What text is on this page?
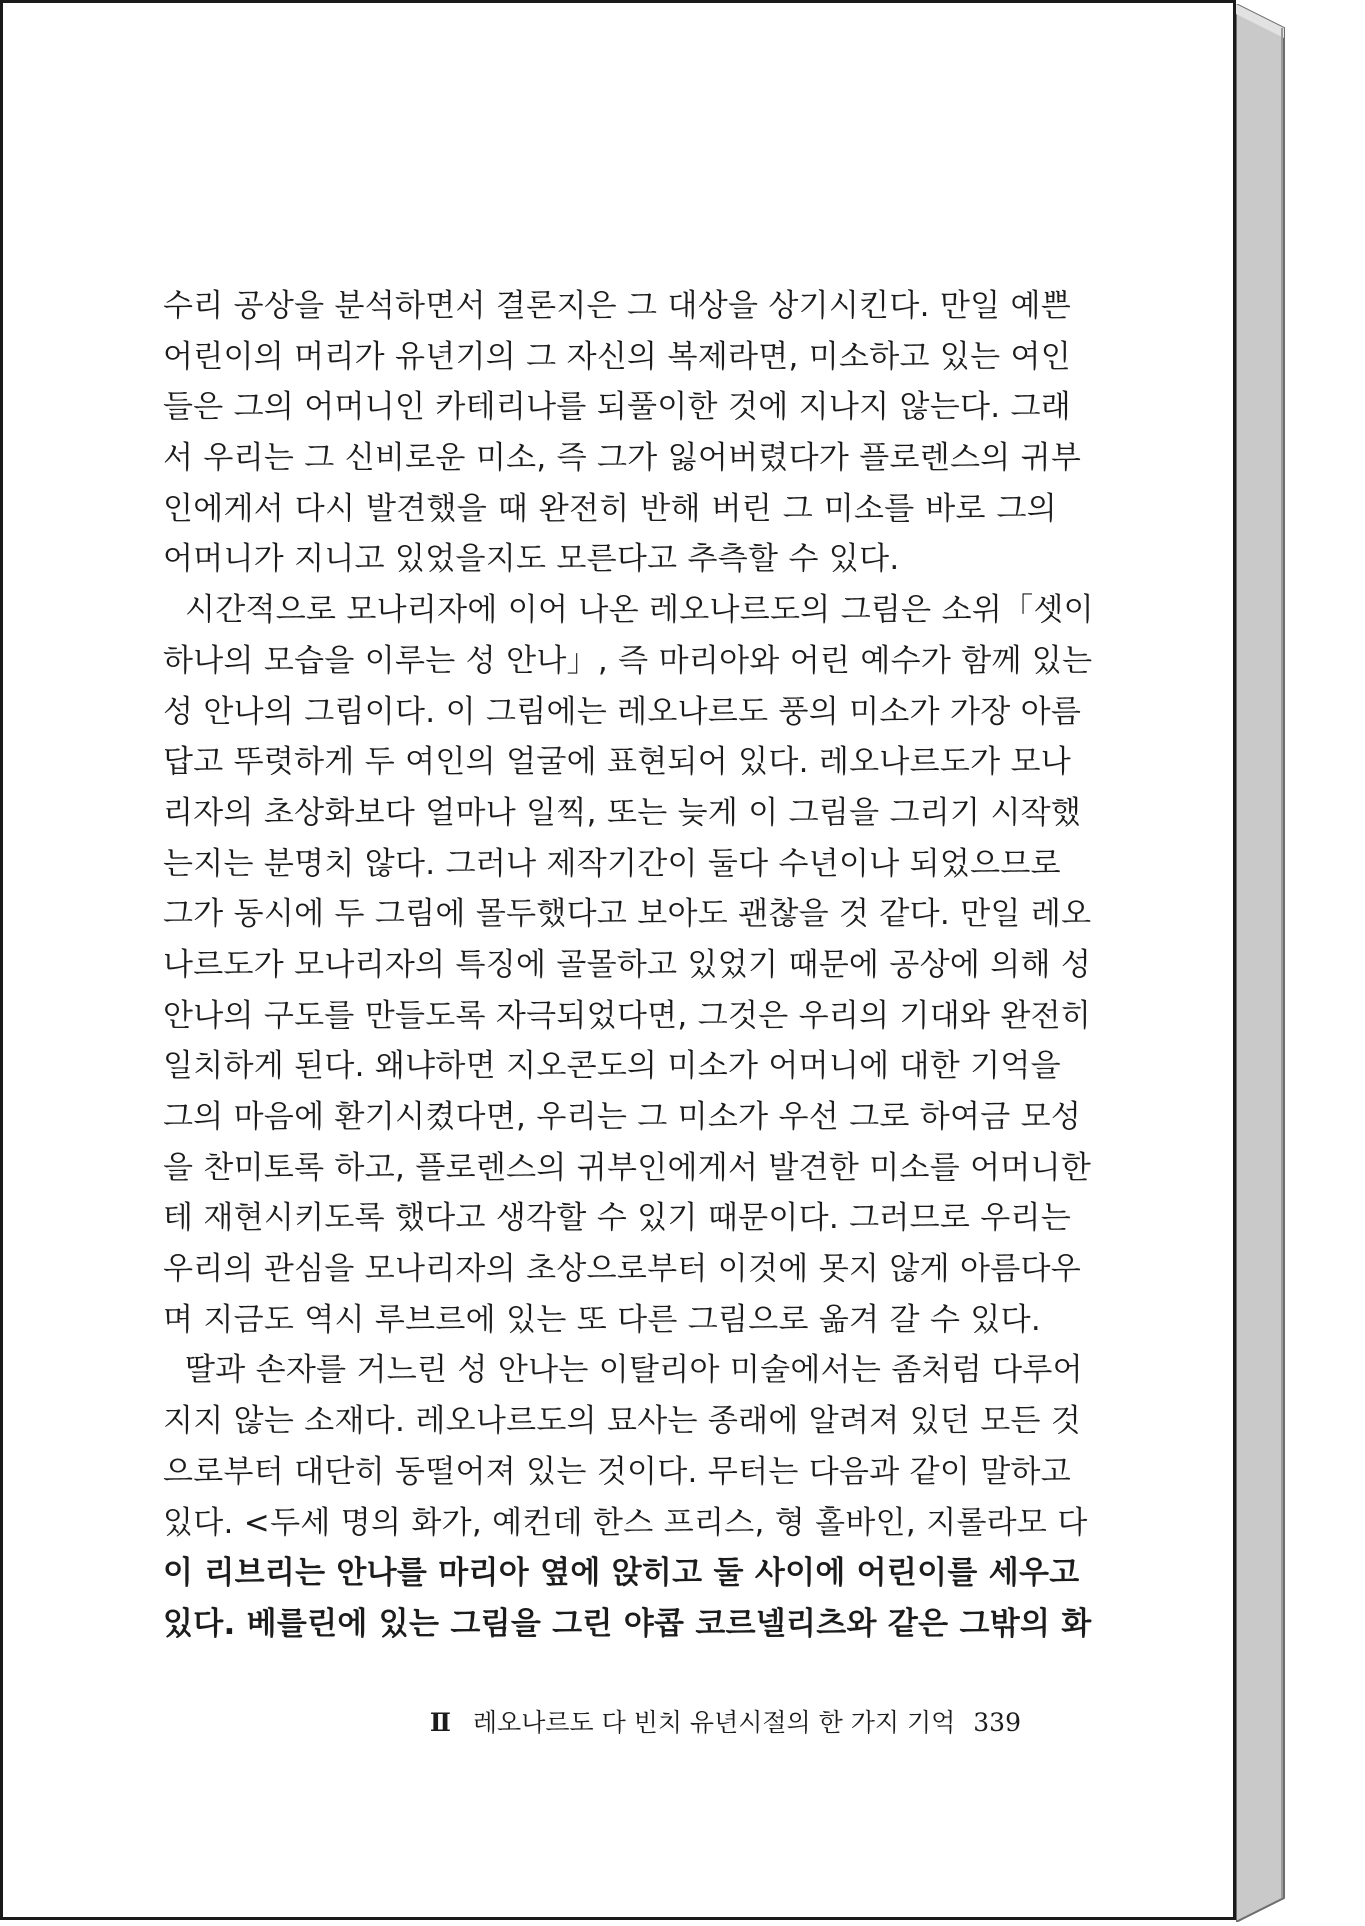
수리 공상을 분석하면서 결론지은 그 대상을 상기시킨다. 만일 예쁜
어린이의 머리가 유년기의 그 자신의 복제라면, 미소하고 있는 여인
들은 그의 어머니인 카테리나를 되풀이한 것에 지나지 않는다. 그래
서 우리는 그 신비로운 미소, 즉 그가 잃어버렸다가 플로렌스의 귀부
인에게서 다시 발견했을 때 완전히 반해 버린 그 미소를 바로 그의
어머니가 지니고 있었을지도 모른다고 추측할 수 있다.
시간적으로 모나리자에 이어 나온 레오나르도의 그림은 소위「셋이
하나의 모습을 이루는 성 안나」, 즉 마리아와 어린 예수가 함께 있는
성 안나의 그림이다. 이 그림에는 레오나르도 풍의 미소가 가장 아름
답고 뚜렷하게 두 여인의 얼굴에 표현되어 있다. 레오나르도가 모나
리자의 초상화보다 얼마나 일찍, 또는 늦게 이 그림을 그리기 시작했
는지는 분명치 않다. 그러나 제작기간이 둘다 수년이나 되었으므로
그가 동시에 두 그림에 몰두했다고 보아도 괜찮을 것 같다. 만일 레오
나르도가 모나리자의 특징에 골몰하고 있었기 때문에 공상에 의해 성
안나의 구도를 만들도록 자극되었다면, 그것은 우리의 기대와 완전히
일치하게 된다. 왜냐하면 지오콘도의 미소가 어머니에 대한 기억을
그의 마음에 환기시켰다면, 우리는 그 미소가 우선 그로 하여금 모성
을 찬미토록 하고, 플로렌스의 귀부인에게서 발견한 미소를 어머니한
테 재현시키도록 했다고 생각할 수 있기 때문이다. 그러므로 우리는
우리의 관심을 모나리자의 초상으로부터 이것에 못지 않게 아름다우
며 지금도 역시 루브르에 있는 또 다른 그림으로 옮겨 갈 수 있다.
딸과 손자를 거느린 성 안나는 이탈리아 미술에서는 좀처럼 다루어
지지 않는 소재다. 레오나르도의 묘사는 종래에 알려져 있던 모든 것
으로부터 대단히 동떨어져 있는 것이다. 무터는 다음과 같이 말하고
있다. <두세 명의 화가, 예컨데 한스 프리스, 형 홀바인, 지롤라모 다
이 리브리는 안나를 마리아 옆에 앉히고 둘 사이에 어린이를 세우고
있다. 베를린에 있는 그림을 그린 야콥 코르넬리츠와 같은 그밖의 화
Ⅱ 레오나르도 다 빈치 유년시절의 한 가지 기억 339
